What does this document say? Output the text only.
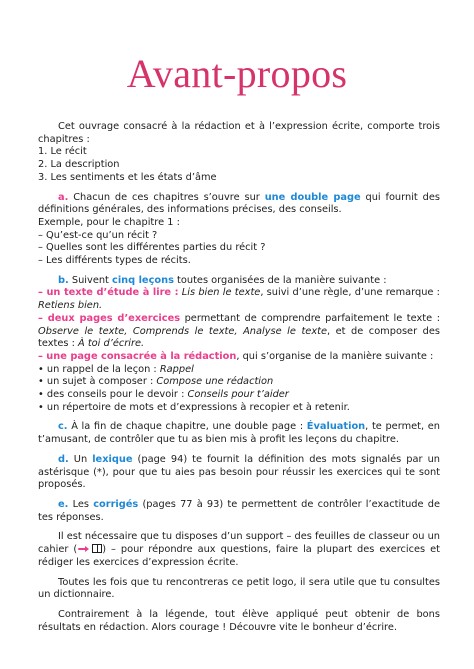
Avant-propos

Cet ouvrage consacré à la rédaction et à l’expression écrite, comporte trois chapitres :

1. Le récit
2. La description
3. Les sentiments et les états d’âme

a. Chacun de ces chapitres s’ouvre sur une double page qui fournit des définitions générales, des informations précises, des conseils.

Exemple, pour le chapitre 1 :
– Qu’est-ce qu’un récit ?
– Quelles sont les différentes parties du récit ?
– Les différents types de récits.

b. Suivent cinq leçons toutes organisées de la manière suivante :

– un texte d’étude à lire : Lis bien le texte, suivi d’une règle, d’une remarque : Retiens bien.

– deux pages d’exercices permettant de comprendre parfaitement le texte : Observe le texte, Comprends le texte, Analyse le texte, et de composer des textes : À toi d’écrire.

– une page consacrée à la rédaction, qui s’organise de la manière suivante :

• un rappel de la leçon : Rappel
• un sujet à composer : Compose une rédaction
• des conseils pour le devoir : Conseils pour t’aider
• un répertoire de mots et d’expressions à recopier et à retenir.

c. À la fin de chaque chapitre, une double page : Évaluation, te permet, en t’amusant, de contrôler que tu as bien mis à profit les leçons du chapitre.

d. Un lexique (page 94) te fournit la définition des mots signalés par un astérisque (*), pour que tu aies pas besoin pour réussir les exercices qui te sont proposés.

e. Les corrigés (pages 77 à 93) te permettent de contrôler l’exactitude de tes réponses.

Il est nécessaire que tu disposes d’un support – des feuilles de classeur ou un cahier (	) – pour répondre aux questions, faire la plupart des exercices et rédiger les exercices d’expression écrite.

Toutes les fois que tu rencontreras ce petit logo, il sera utile que tu consultes un dictionnaire.

Contrairement à la légende, tout élève appliqué peut obtenir de bons résultats en rédaction. Alors courage ! Découvre vite le bonheur d’écrire.
